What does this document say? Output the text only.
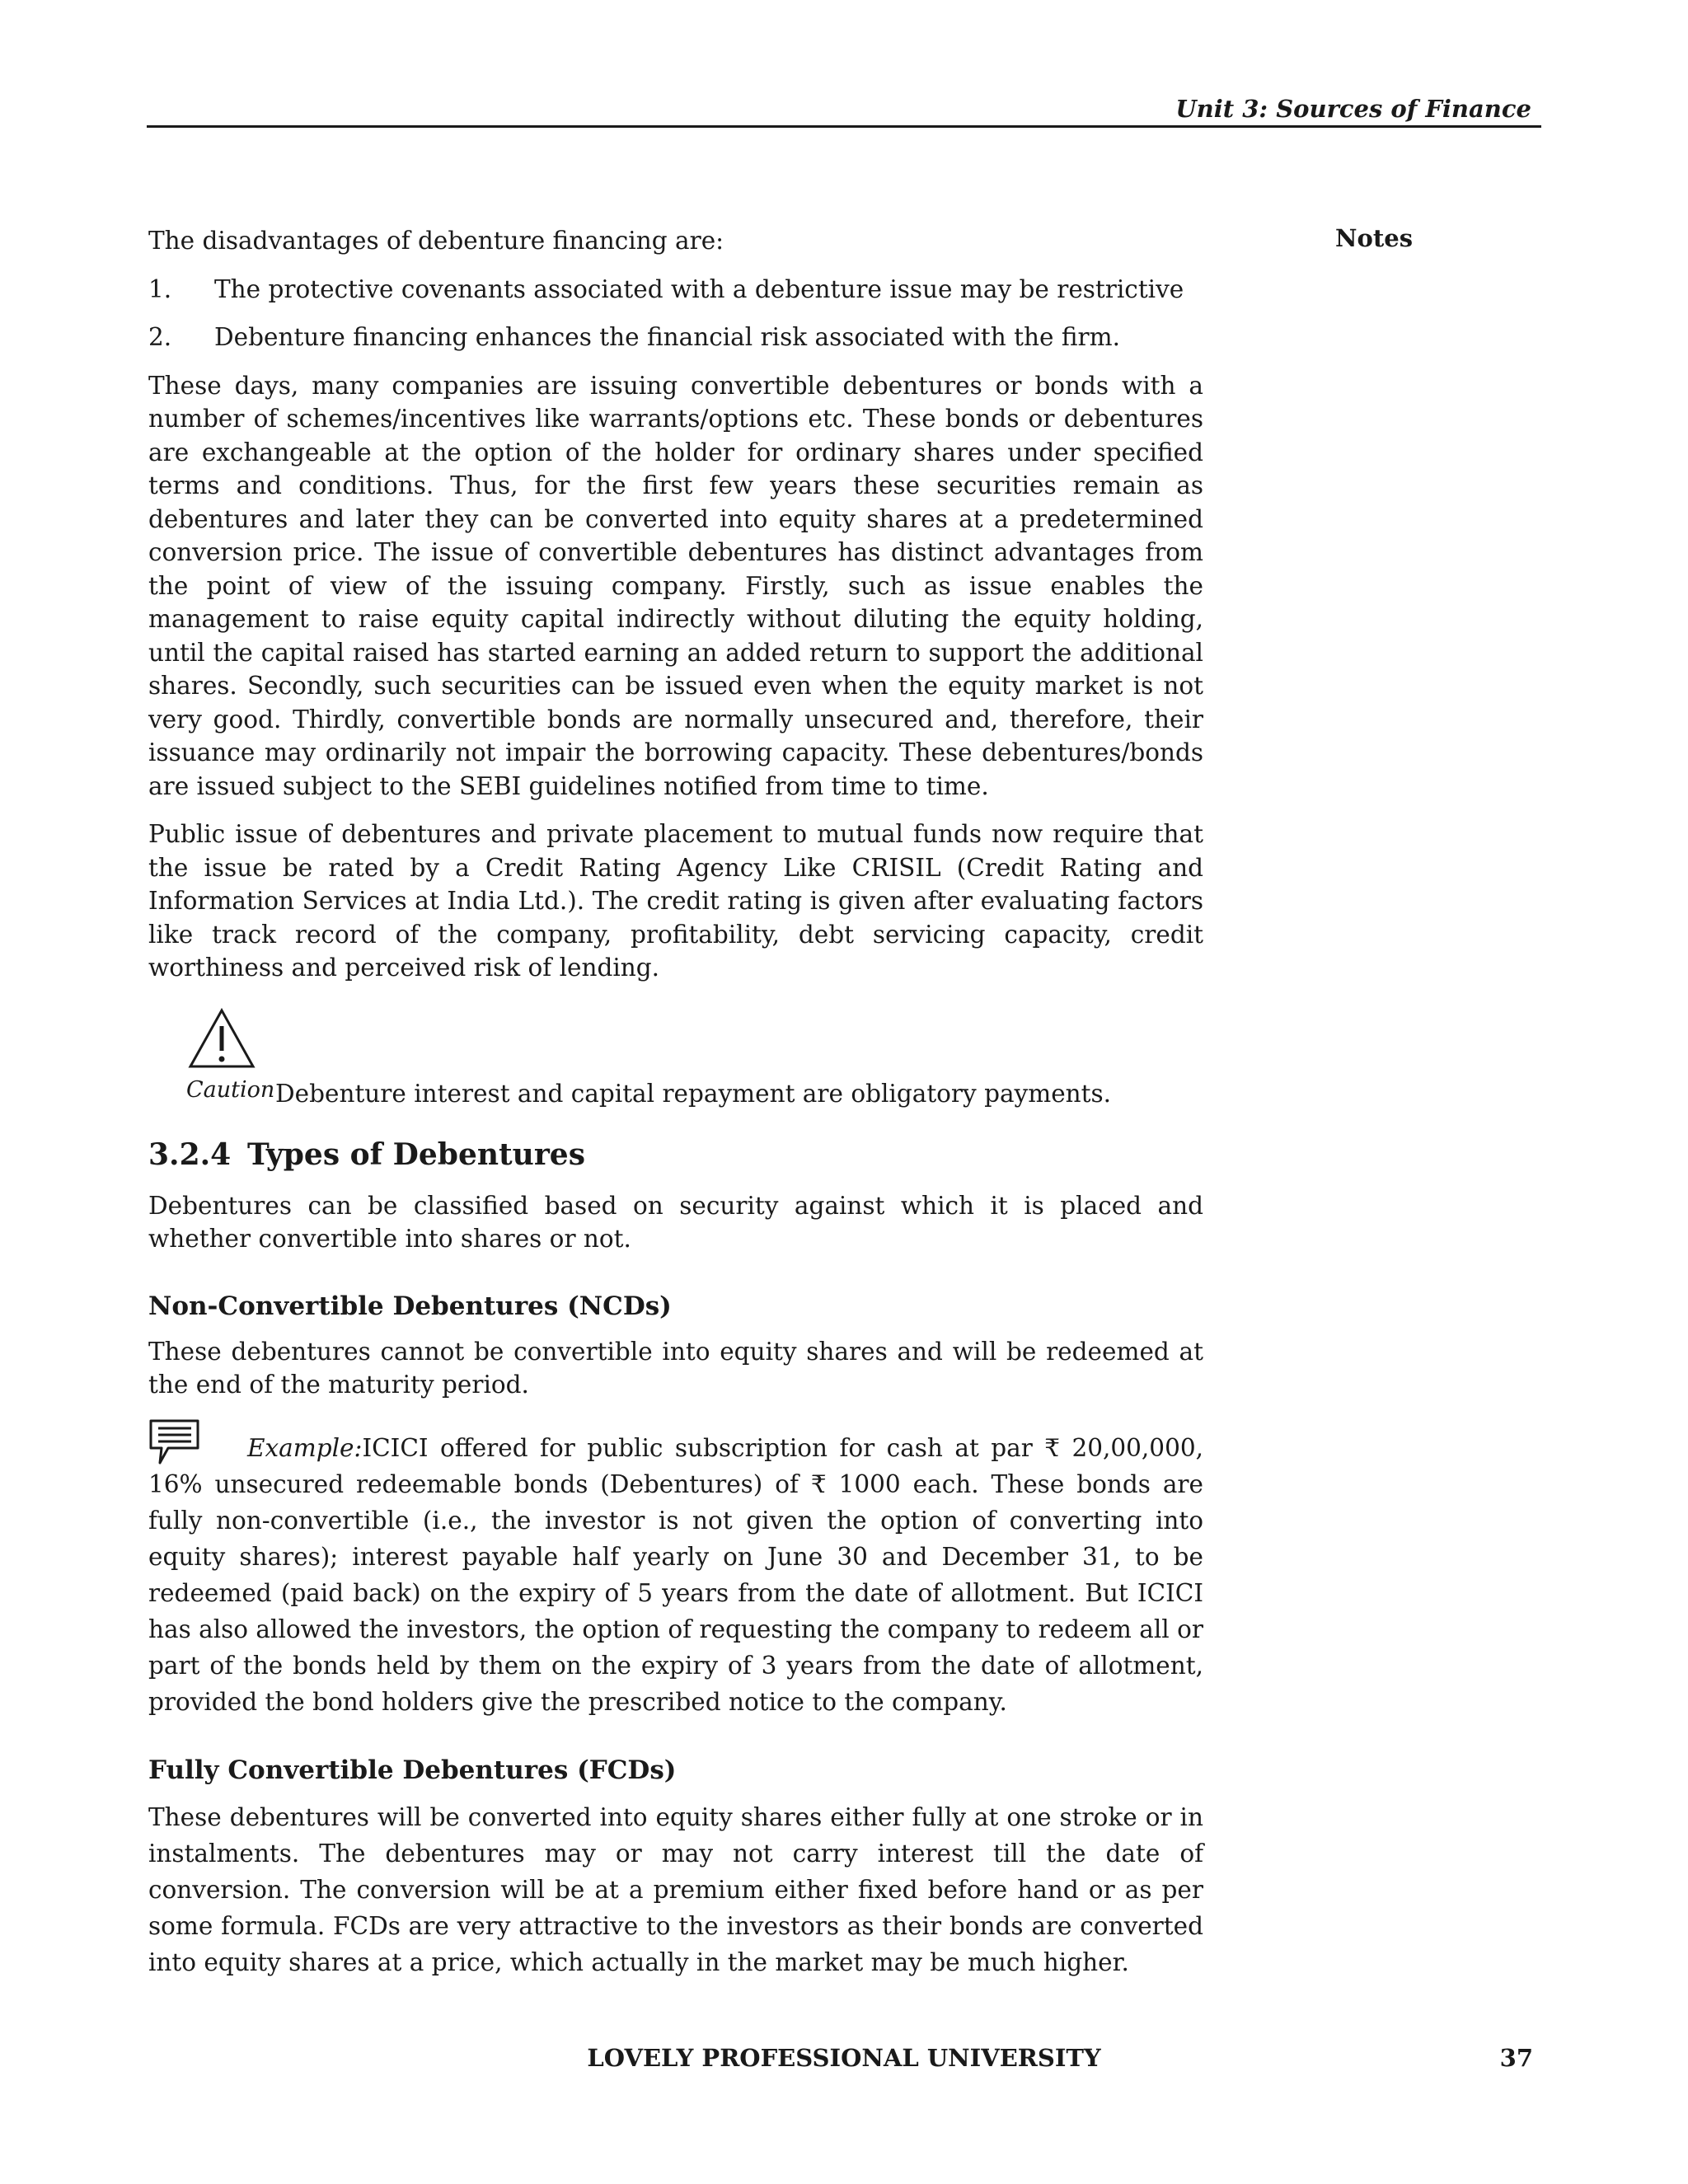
Unit 3: Sources of Finance
Notes

The disadvantages of debenture financing are:

1.	The protective covenants associated with a debenture issue may be restrictive
2.	Debenture financing enhances the financial risk associated with the firm.

These days, many companies are issuing convertible debentures or bonds with a number of schemes/incentives like warrants/options etc. These bonds or debentures are exchangeable at the option of the holder for ordinary shares under specified terms and conditions. Thus, for the first few years these securities remain as debentures and later they can be converted into equity shares at a predetermined conversion price. The issue of convertible debentures has distinct advantages from the point of view of the issuing company. Firstly, such as issue enables the management to raise equity capital indirectly without diluting the equity holding, until the capital raised has started earning an added return to support the additional shares. Secondly, such securities can be issued even when the equity market is not very good. Thirdly, convertible bonds are normally unsecured and, therefore, their issuance may ordinarily not impair the borrowing capacity. These debentures/bonds are issued subject to the SEBI guidelines notified from time to time.

Public issue of debentures and private placement to mutual funds now require that the issue be rated by a Credit Rating Agency Like CRISIL (Credit Rating and Information Services at India Ltd.). The credit rating is given after evaluating factors like track record of the company, profitability, debt servicing capacity, credit worthiness and perceived risk of lending.

Caution Debenture interest and capital repayment are obligatory payments.
3.2.4 Types of Debentures

Debentures can be classified based on security against which it is placed and whether convertible into shares or not.

Non-Convertible Debentures (NCDs)

These debentures cannot be convertible into equity shares and will be redeemed at the end of the maturity period.

Example:ICICI offered for public subscription for cash at par ₹ 20,00,000, 16% unsecured redeemable bonds (Debentures) of ₹ 1000 each. These bonds are fully non-convertible (i.e., the investor is not given the option of converting into equity shares); interest payable half yearly on June 30 and December 31, to be redeemed (paid back) on the expiry of 5 years from the date of allotment. But ICICI has also allowed the investors, the option of requesting the company to redeem all or part of the bonds held by them on the expiry of 3 years from the date of allotment, provided the bond holders give the prescribed notice to the company.

Fully Convertible Debentures (FCDs)

These debentures will be converted into equity shares either fully at one stroke or in instalments. The debentures may or may not carry interest till the date of conversion. The conversion will be at a premium either fixed before hand or as per some formula. FCDs are very attractive to the investors as their bonds are converted into equity shares at a price, which actually in the market may be much higher.

LOVELY PROFESSIONAL UNIVERSITY	37
